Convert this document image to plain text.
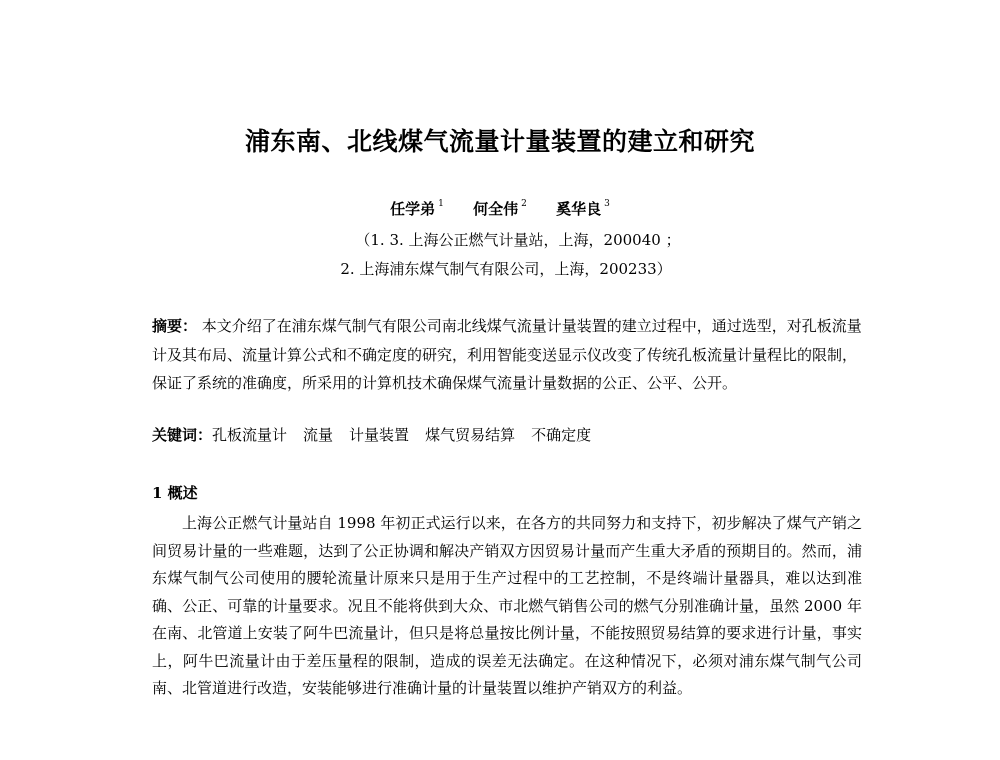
浦东南、北线煤气流量计量装置的建立和研究
任学弟 $^1$ 何全伟 $^2$ 奚华良 $^3$
（1. 3. 上海公正燃气计量站，上海，200040 ；
2. 上海浦东煤气制气有限公司，上海，200233）
摘要： 本文介绍了在浦东煤气制气有限公司南北线煤气流量计量装置的建立过程中，通过选型，对孔板流量计及其布局、流量计算公式和不确定度的研究，利用智能变送显示仪改变了传统孔板流量计量程比的限制，保证了系统的准确度，所采用的计算机技术确保煤气流量计量数据的公正、公平、公开。
关键词：孔板流量计 流量 计量装置 煤气贸易结算 不确定度
1 概述
上海公正燃气计量站自 1998 年初正式运行以来，在各方的共同努力和支持下，初步解决了煤气产销之间贸易计量的一些难题，达到了公正协调和解决产销双方因贸易计量而产生重大矛盾的预期目的。然而，浦东煤气制气公司使用的腰轮流量计原来只是用于生产过程中的工艺控制，不是终端计量器具，难以达到准确、公正、可靠的计量要求。况且不能将供到大众、市北燃气销售公司的燃气分别准确计量，虽然 2000 年在南、北管道上安装了阿牛巴流量计，但只是将总量按比例计量，不能按照贸易结算的要求进行计量，事实上，阿牛巴流量计由于差压量程的限制，造成的误差无法确定。在这种情况下，必须对浦东煤气制气公司南、北管道进行改造，安装能够进行准确计量的计量装置以维护产销双方的利益。
